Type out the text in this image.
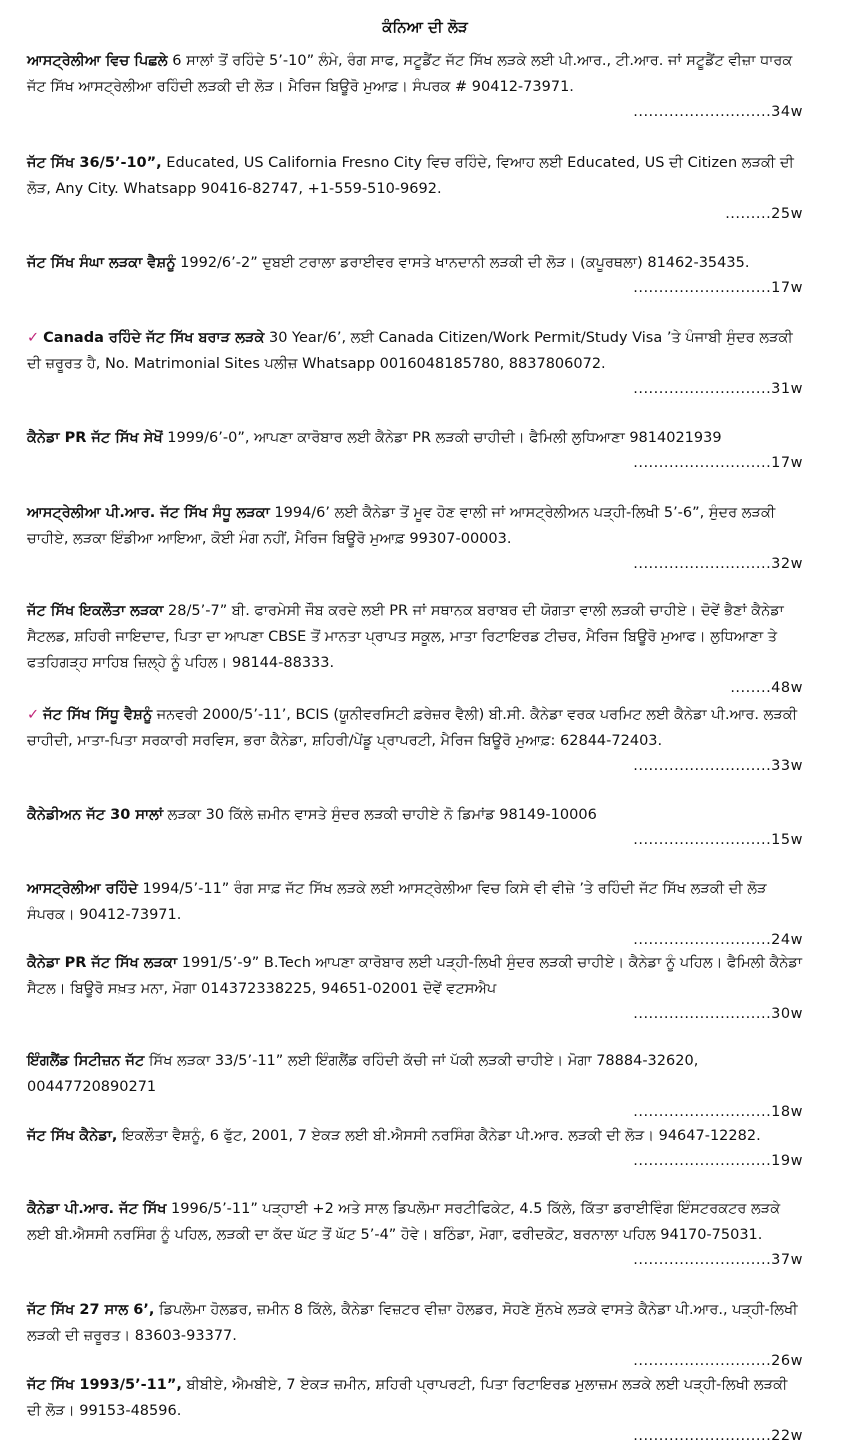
ਕੰਨਿਆ ਦੀ ਲੋੜ
ਆਸਟ੍ਰੇਲੀਆ ਵਿਚ ਪਿਛਲੇ 6 ਸਾਲਾਂ ਤੋਂ ਰਹਿੰਦੇ 5’-10” ਲੰਮੇ, ਰੰਗ ਸਾਫ, ਸਟੂਡੈਂਟ ਜੱਟ ਸਿੱਖ ਲੜਕੇ ਲਈ ਪੀ.ਆਰ., ਟੀ.ਆਰ. ਜਾਂ ਸਟੂਡੈਂਟ ਵੀਜ਼ਾ ਧਾਰਕ ਜੱਟ ਸਿੱਖ ਆਸਟ੍ਰੇਲੀਆ ਰਹਿੰਦੀ ਲੜਕੀ ਦੀ ਲੋੜ। ਮੈਰਿਜ ਬਿਊਰੋ ਮੁਆਫ਼। ਸੰਪਰਕ # 90412-73971.
...........................34w
ਜੱਟ ਸਿੱਖ 36/5’-10”, Educated, US California Fresno City ਵਿਚ ਰਹਿੰਦੇ, ਵਿਆਹ ਲਈ Educated, US ਦੀ Citizen ਲੜਕੀ ਦੀ ਲੋੜ, Any City. Whatsapp 90416-82747, +1-559-510-9692.
.........25w
ਜੱਟ ਸਿੱਖ ਸੰਘਾ ਲੜਕਾ ਵੈਸ਼ਨੂੰ 1992/6’-2” ਦੁਬਈ ਟਰਾਲਾ ਡਰਾਈਵਰ ਵਾਸਤੇ ਖਾਨਦਾਨੀ ਲੜਕੀ ਦੀ ਲੋੜ। (ਕਪੂਰਥਲਾ) 81462-35435.
...........................17w
✓ Canada ਰਹਿੰਦੇ ਜੱਟ ਸਿੱਖ ਬਰਾੜ ਲੜਕੇ 30 Year/6’, ਲਈ Canada Citizen/Work Permit/Study Visa ’ਤੇ ਪੰਜਾਬੀ ਸੁੰਦਰ ਲੜਕੀ ਦੀ ਜ਼ਰੂਰਤ ਹੈ, No. Matrimonial Sites ਪਲੀਜ਼ Whatsapp 0016048185780, 8837806072.
...........................31w
ਕੈਨੇਡਾ PR ਜੱਟ ਸਿੱਖ ਸੇਖੋਂ 1999/6’-0”, ਆਪਣਾ ਕਾਰੋਬਾਰ ਲਈ ਕੈਨੇਡਾ PR ਲੜਕੀ ਚਾਹੀਦੀ। ਫੈਮਿਲੀ ਲੁਧਿਆਣਾ 9814021939
...........................17w
ਆਸਟ੍ਰੇਲੀਆ ਪੀ.ਆਰ. ਜੱਟ ਸਿੱਖ ਸੰਧੂ ਲੜਕਾ 1994/6’ ਲਈ ਕੈਨੇਡਾ ਤੋਂ ਮੂਵ ਹੋਣ ਵਾਲੀ ਜਾਂ ਆਸਟ੍ਰੇਲੀਅਨ ਪੜ੍ਹੀ-ਲਿਖੀ 5’-6”, ਸੁੰਦਰ ਲੜਕੀ ਚਾਹੀਏ, ਲੜਕਾ ਇੰਡੀਆ ਆਇਆ, ਕੋਈ ਮੰਗ ਨਹੀਂ, ਮੈਰਿਜ ਬਿਊਰੋ ਮੁਆਫ਼ 99307-00003.
...........................32w
ਜੱਟ ਸਿੱਖ ਇਕਲੌਤਾ ਲੜਕਾ 28/5’-7” ਬੀ. ਫਾਰਮੇਸੀ ਜੌਬ ਕਰਦੇ ਲਈ PR ਜਾਂ ਸਥਾਨਕ ਬਰਾਬਰ ਦੀ ਯੋਗਤਾ ਵਾਲੀ ਲੜਕੀ ਚਾਹੀਏ। ਦੋਵੇਂ ਭੈਣਾਂ ਕੈਨੇਡਾ ਸੈਟਲਡ, ਸ਼ਹਿਰੀ ਜਾਇਦਾਦ, ਪਿਤਾ ਦਾ ਆਪਣਾ CBSE ਤੋਂ ਮਾਨਤਾ ਪ੍ਰਾਪਤ ਸਕੂਲ, ਮਾਤਾ ਰਿਟਾਇਰਡ ਟੀਚਰ, ਮੈਰਿਜ ਬਿਊਰੋ ਮੁਆਫ। ਲੁਧਿਆਣਾ ਤੇ ਫਤਹਿਗੜ੍ਹ ਸਾਹਿਬ ਜ਼ਿਲ੍ਹੇ ਨੂੰ ਪਹਿਲ। 98144-88333.
........48w
✓ ਜੱਟ ਸਿੱਖ ਸਿੱਧੂ ਵੈਸ਼ਨੂੰ ਜਨਵਰੀ 2000/5’-11’, BCIS (ਯੂਨੀਵਰਸਿਟੀ ਫ਼ਰੇਜ਼ਰ ਵੈਲੀ) ਬੀ.ਸੀ. ਕੈਨੇਡਾ ਵਰਕ ਪਰਮਿਟ ਲਈ ਕੈਨੇਡਾ ਪੀ.ਆਰ. ਲੜਕੀ ਚਾਹੀਦੀ, ਮਾਤਾ-ਪਿਤਾ ਸਰਕਾਰੀ ਸਰਵਿਸ, ਭਰਾ ਕੈਨੇਡਾ, ਸ਼ਹਿਰੀ/ਪੇਂਡੂ ਪ੍ਰਾਪਰਟੀ, ਮੈਰਿਜ ਬਿਊਰੋ ਮੁਆਫ਼: 62844-72403.
...........................33w
ਕੈਨੇਡੀਅਨ ਜੱਟ 30 ਸਾਲਾਂ ਲੜਕਾ 30 ਕਿੱਲੇ ਜ਼ਮੀਨ ਵਾਸਤੇ ਸੁੰਦਰ ਲੜਕੀ ਚਾਹੀਏ ਨੋ ਡਿਮਾਂਡ 98149-10006
...........................15w
ਆਸਟ੍ਰੇਲੀਆ ਰਹਿੰਦੇ 1994/5’-11” ਰੰਗ ਸਾਫ਼ ਜੱਟ ਸਿੱਖ ਲੜਕੇ ਲਈ ਆਸਟ੍ਰੇਲੀਆ ਵਿਚ ਕਿਸੇ ਵੀ ਵੀਜ਼ੇ ’ਤੇ ਰਹਿੰਦੀ ਜੱਟ ਸਿੱਖ ਲੜਕੀ ਦੀ ਲੋੜ ਸੰਪਰਕ। 90412-73971.
...........................24w
ਕੈਨੇਡਾ PR ਜੱਟ ਸਿੱਖ ਲੜਕਾ 1991/5’-9” B.Tech ਆਪਣਾ ਕਾਰੋਬਾਰ ਲਈ ਪੜ੍ਹੀ-ਲਿਖੀ ਸੁੰਦਰ ਲੜਕੀ ਚਾਹੀਏ। ਕੈਨੇਡਾ ਨੂੰ ਪਹਿਲ। ਫੈਮਿਲੀ ਕੈਨੇਡਾ ਸੈਟਲ। ਬਿਊਰੋ ਸਖ਼ਤ ਮਨਾ, ਮੋਗਾ 014372338225, 94651-02001 ਦੋਵੇਂ ਵਟਸਐਪ
...........................30w
ਇੰਗਲੈਂਡ ਸਿਟੀਜ਼ਨ ਜੱਟ ਸਿੱਖ ਲੜਕਾ 33/5’-11” ਲਈ ਇੰਗਲੈਂਡ ਰਹਿੰਦੀ ਕੱਚੀ ਜਾਂ ਪੱਕੀ ਲੜਕੀ ਚਾਹੀਏ। ਮੋਗਾ 78884-32620, 00447720890271
...........................18w
ਜੱਟ ਸਿੱਖ ਕੈਨੇਡਾ, ਇਕਲੌਤਾ ਵੈਸ਼ਨੂੰ, 6 ਫੁੱਟ, 2001, 7 ਏਕੜ ਲਈ ਬੀ.ਐਸਸੀ ਨਰਸਿੰਗ ਕੈਨੇਡਾ ਪੀ.ਆਰ. ਲੜਕੀ ਦੀ ਲੋੜ। 94647-12282.
...........................19w
ਕੈਨੇਡਾ ਪੀ.ਆਰ. ਜੱਟ ਸਿੱਖ 1996/5’-11” ਪੜ੍ਹਾਈ +2 ਅਤੇ ਸਾਲ ਡਿਪਲੋਮਾ ਸਰਟੀਫਿਕੇਟ, 4.5 ਕਿੱਲੇ, ਕਿੱਤਾ ਡਰਾਈਵਿੰਗ ਇੰਸਟਰਕਟਰ ਲੜਕੇ ਲਈ ਬੀ.ਐਸਸੀ ਨਰਸਿੰਗ ਨੂੰ ਪਹਿਲ, ਲੜਕੀ ਦਾ ਕੱਦ ਘੱਟ ਤੋਂ ਘੱਟ 5’-4” ਹੋਵੇ। ਬਠਿੰਡਾ, ਮੋਗਾ, ਫਰੀਦਕੋਟ, ਬਰਨਾਲਾ ਪਹਿਲ 94170-75031.
...........................37w
ਜੱਟ ਸਿੱਖ 27 ਸਾਲ 6’, ਡਿਪਲੋਮਾ ਹੋਲਡਰ, ਜ਼ਮੀਨ 8 ਕਿੱਲੇ, ਕੈਨੇਡਾ ਵਿਜ਼ਟਰ ਵੀਜ਼ਾ ਹੋਲਡਰ, ਸੋਹਣੇ ਸੁੱਨਖੇ ਲੜਕੇ ਵਾਸਤੇ ਕੈਨੇਡਾ ਪੀ.ਆਰ., ਪੜ੍ਹੀ-ਲਿਖੀ ਲੜਕੀ ਦੀ ਜ਼ਰੂਰਤ। 83603-93377.
...........................26w
ਜੱਟ ਸਿੱਖ 1993/5’-11”, ਬੀਬੀਏ, ਐਮਬੀਏ, 7 ਏਕੜ ਜ਼ਮੀਨ, ਸ਼ਹਿਰੀ ਪ੍ਰਾਪਰਟੀ, ਪਿਤਾ ਰਿਟਾਇਰਡ ਮੁਲਾਜ਼ਮ ਲੜਕੇ ਲਈ ਪੜ੍ਹੀ-ਲਿਖੀ ਲੜਕੀ ਦੀ ਲੋੜ। 99153-48596.
...........................22w
